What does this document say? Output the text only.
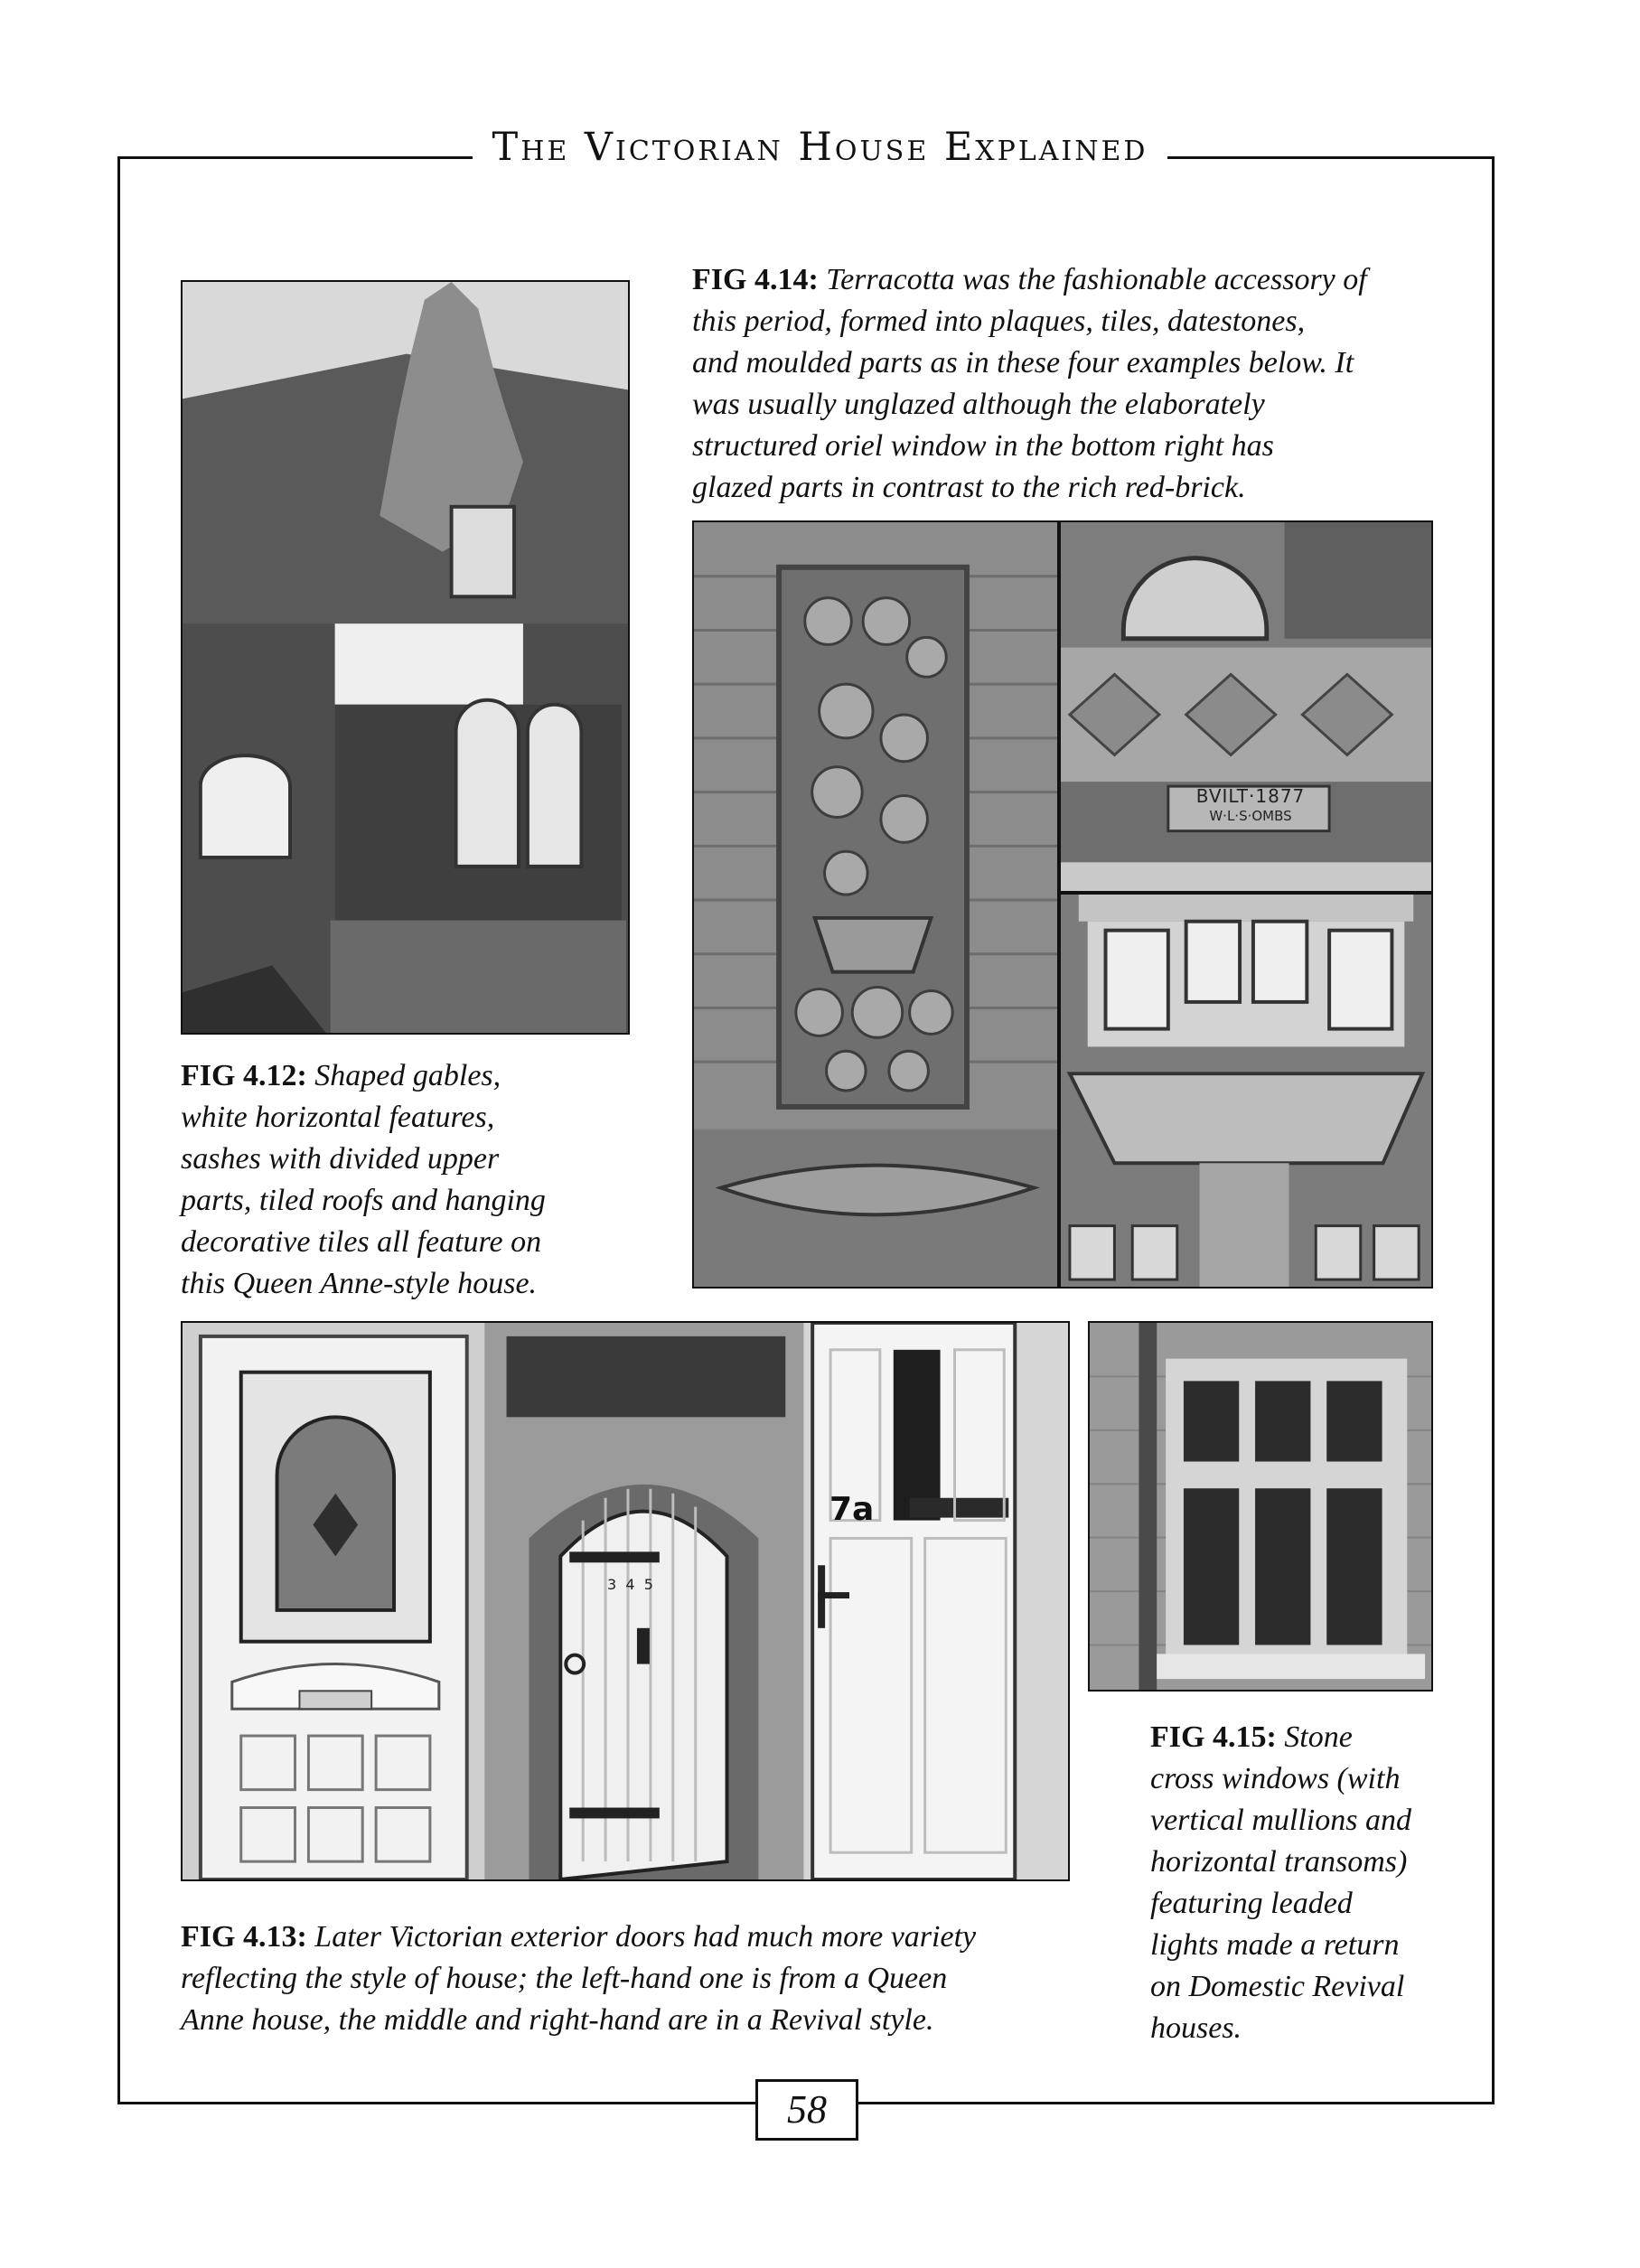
The Victorian House Explained
FIG 4.12: Shaped gables,
white horizontal features,
sashes with divided upper
parts, tiled roofs and hanging
decorative tiles all feature on
this Queen Anne-style house.
FIG 4.14: Terracotta was the fashionable accessory of
this period, formed into plaques, tiles, datestones,
and moulded parts as in these four examples below. It
was usually unglazed although the elaborately
structured oriel window in the bottom right has
glazed parts in contrast to the rich red-brick.
BVILT·1877
W·L·S·OMBS
3  4  5
7a
FIG 4.13: Later Victorian exterior doors had much more variety
reflecting the style of house; the left-hand one is from a Queen
Anne house, the middle and right-hand are in a Revival style.
FIG 4.15: Stone
cross windows (with
vertical mullions and
horizontal transoms)
featuring leaded
lights made a return
on Domestic Revival
houses.
58
